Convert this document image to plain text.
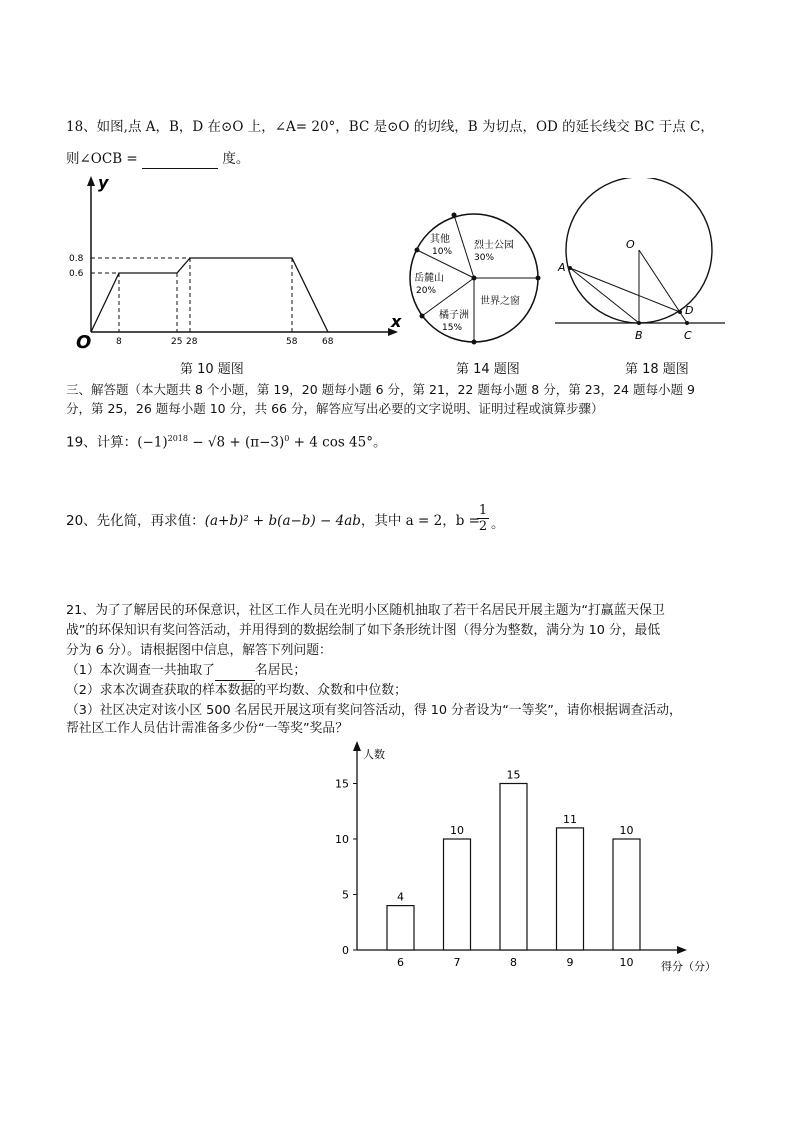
18、如图,点 A，B，D 在⊙O 上，∠A= 20°，BC 是⊙O 的切线，B 为切点，OD 的延长线交 BC 于点 C，
则∠OCB =	度。
y
x
O
0.8
0.6
8	25 28	58	68
第 10 题图
其他
10%
烈士公园
30%
岳麓山
20%
世界之窗
橘子洲
15%
第 14 题图
O
A
B	C
D
第 18 题图
三、解答题（本大题共 8 个小题，第 19，20 题每小题 6 分，第 21，22 题每小题 8 分，第 23，24 题每小题 9
分，第 25，26 题每小题 10 分，共 66 分，解答应写出必要的文字说明、证明过程或演算步骤）
19、计算：$(-1)^{2018} - √8 + (\pi-3)^0 + 4$ cos 45°。
20、先化简，再求值：(a+b)² + b(a−b) − 4ab，其中 a = 2，b =
1
2 。
21、为了了解居民的环保意识，社区工作人员在光明小区随机抽取了若干名居民开展主题为“打赢蓝天保卫
战”的环保知识有奖问答活动，并用得到的数据绘制了如下条形统计图（得分为整数，满分为 10 分，最低
分为 6 分）。请根据图中信息，解答下列问题：
（1）本次调查一共抽取了	名居民；
（2）求本次调查获取的样本数据的平均数、众数和中位数；
（3）社区决定对该小区 500 名居民开展这项有奖问答活动，得 10 分者设为“一等奖”，请你根据调查活动，
帮社区工作人员估计需准备多少份“一等奖”奖品？
人数
得分（分）
0
5
10
15
4
6
10
7
15
8
11
9
10
10
